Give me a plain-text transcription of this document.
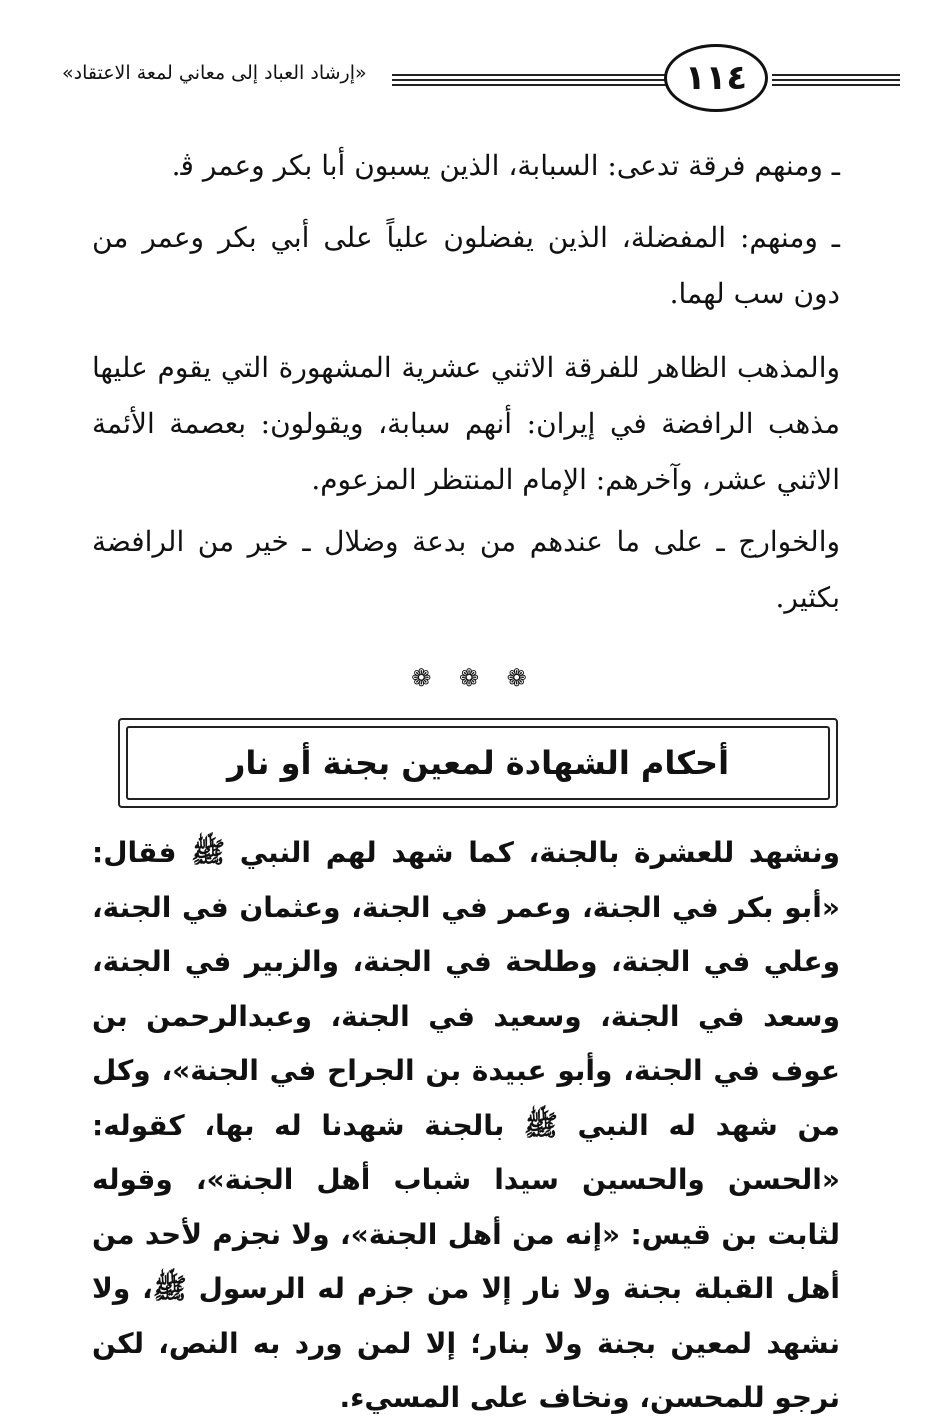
«إرشاد العباد إلى معاني لمعة الاعتقاد»	١١٤

ـ ومنهم فرقة تدعى: السبابة، الذين يسبون أبا بكر وعمر ﭬ.

ـ ومنهم: المفضلة، الذين يفضلون علياً على أبي بكر وعمر من دون سب لهما.

والمذهب الظاهر للفرقة الاثني عشرية المشهورة التي يقوم عليها مذهب الرافضة في إيران: أنهم سبابة، ويقولون: بعصمة الأئمة الاثني عشر، وآخرهم: الإمام المنتظر المزعوم.

والخوارج ـ على ما عندهم من بدعة وضلال ـ خير من الرافضة بكثير.

❁ ❁ ❁
أحكام الشهادة لمعين بجنة أو نار

ونشهد للعشرة بالجنة، كما شهد لهم النبي ﷺ فقال: «أبو بكر في الجنة، وعمر في الجنة، وعثمان في الجنة، وعلي في الجنة، وطلحة في الجنة، والزبير في الجنة، وسعد في الجنة، وسعيد في الجنة، وعبدالرحمن بن عوف في الجنة، وأبو عبيدة بن الجراح في الجنة»، وكل من شهد له النبي ﷺ بالجنة شهدنا له بها، كقوله: «الحسن والحسين سيدا شباب أهل الجنة»، وقوله لثابت بن قيس: «إنه من أهل الجنة»، ولا نجزم لأحد من أهل القبلة بجنة ولا نار إلا من جزم له الرسول ﷺ، ولا نشهد لمعين بجنة ولا بنار؛ إلا لمن ورد به النص، لكن نرجو للمحسن، ونخاف على المسيء.
